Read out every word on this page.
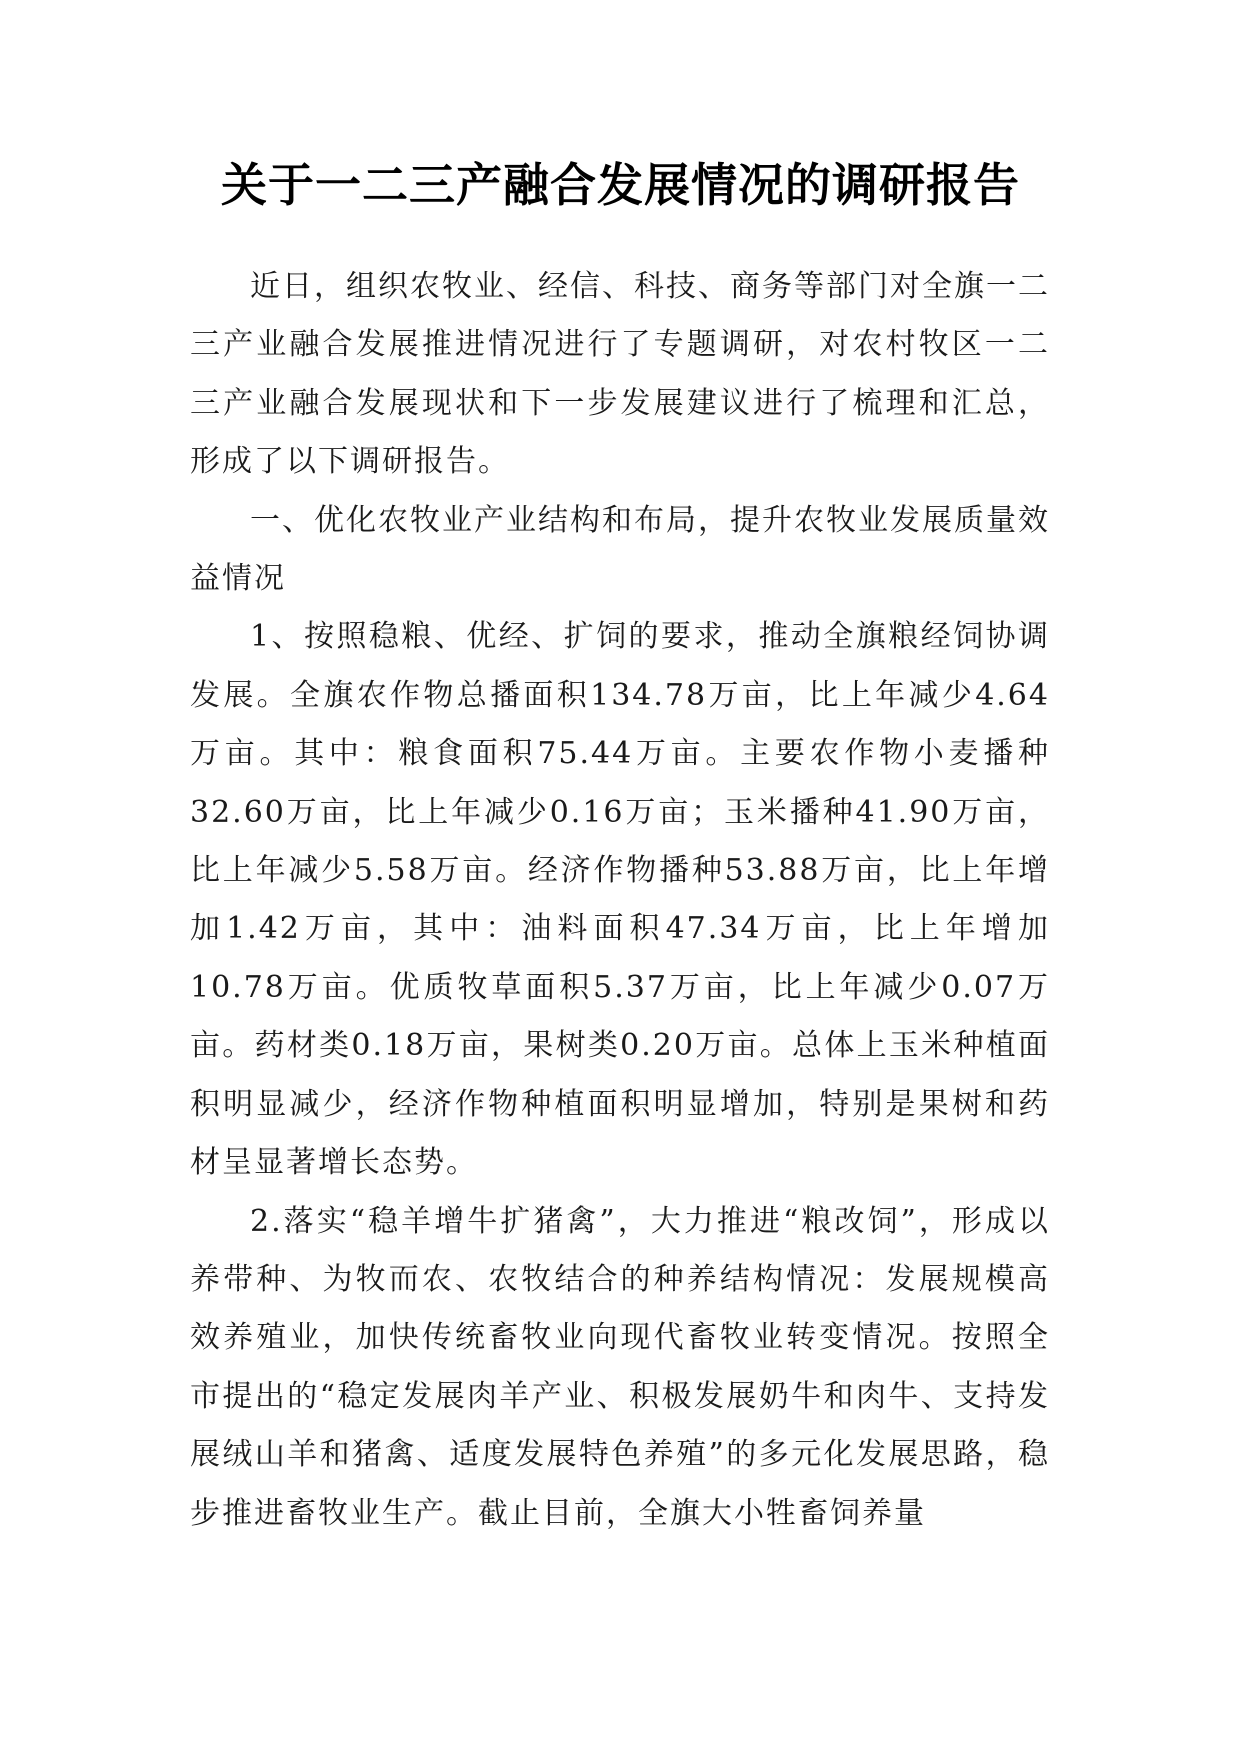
关于一二三产融合发展情况的调研报告

近日，组织农牧业、经信、科技、商务等部门对全旗一二三产业融合发展推进情况进行了专题调研，对农村牧区一二三产业融合发展现状和下一步发展建议进行了梳理和汇总，形成了以下调研报告。

一、优化农牧业产业结构和布局，提升农牧业发展质量效益情况

1、按照稳粮、优经、扩饲的要求，推动全旗粮经饲协调发展。全旗农作物总播面积134.78万亩，比上年减少4.64万亩。其中：粮食面积75.44万亩。主要农作物小麦播种32.60万亩，比上年减少0.16万亩；玉米播种41.90万亩，比上年减少5.58万亩。经济作物播种53.88万亩，比上年增加1.42万亩，其中：油料面积47.34万亩，比上年增加10.78万亩。优质牧草面积5.37万亩，比上年减少0.07万亩。药材类0.18万亩，果树类0.20万亩。总体上玉米种植面积明显减少，经济作物种植面积明显增加，特别是果树和药材呈显著增长态势。

2.落实“稳羊增牛扩猪禽”，大力推进“粮改饲”，形成以养带种、为牧而农、农牧结合的种养结构情况：发展规模高效养殖业，加快传统畜牧业向现代畜牧业转变情况。按照全市提出的“稳定发展肉羊产业、积极发展奶牛和肉牛、支持发展绒山羊和猪禽、适度发展特色养殖”的多元化发展思路，稳步推进畜牧业生产。截止目前，全旗大小牲畜饲养量
